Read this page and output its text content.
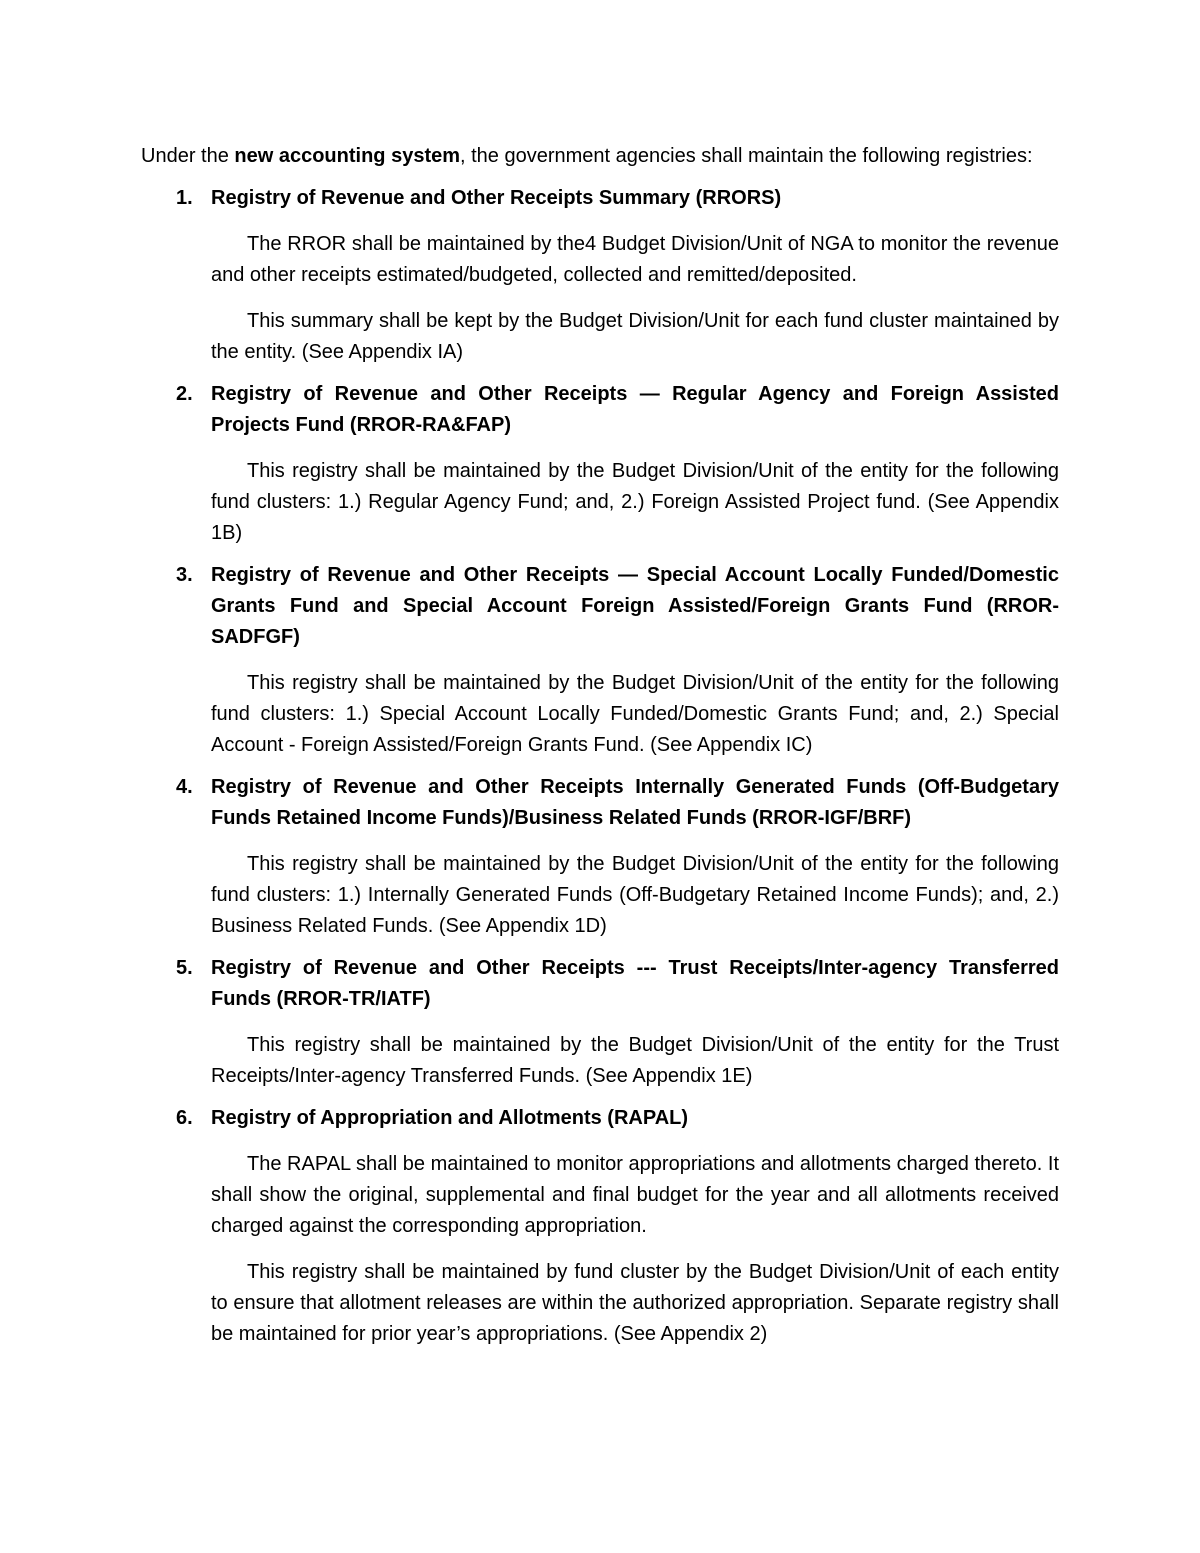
Under the new accounting system, the government agencies shall maintain the following registries:

1. Registry of Revenue and Other Receipts Summary (RRORS)

The RROR shall be maintained by the4 Budget Division/Unit of NGA to monitor the revenue and other receipts estimated/budgeted, collected and remitted/deposited.

This summary shall be kept by the Budget Division/Unit for each fund cluster maintained by the entity. (See Appendix IA)

2. Registry of Revenue and Other Receipts — Regular Agency and Foreign Assisted Projects Fund (RROR-RA&FAP)

This registry shall be maintained by the Budget Division/Unit of the entity for the following fund clusters: 1.) Regular Agency Fund; and, 2.) Foreign Assisted Project fund. (See Appendix 1B)

3. Registry of Revenue and Other Receipts — Special Account Locally Funded/Domestic Grants Fund and Special Account Foreign Assisted/Foreign Grants Fund (RROR-SADFGF)

This registry shall be maintained by the Budget Division/Unit of the entity for the following fund clusters: 1.) Special Account Locally Funded/Domestic Grants Fund; and, 2.) Special Account - Foreign Assisted/Foreign Grants Fund. (See Appendix IC)

4. Registry of Revenue and Other Receipts Internally Generated Funds (Off-Budgetary Funds Retained Income Funds)/Business Related Funds (RROR-IGF/BRF)

This registry shall be maintained by the Budget Division/Unit of the entity for the following fund clusters: 1.) Internally Generated Funds (Off-Budgetary Retained Income Funds); and, 2.) Business Related Funds. (See Appendix 1D)

5. Registry of Revenue and Other Receipts --- Trust Receipts/Inter-agency Transferred Funds (RROR-TR/IATF)

This registry shall be maintained by the Budget Division/Unit of the entity for the Trust Receipts/Inter-agency Transferred Funds. (See Appendix 1E)

6. Registry of Appropriation and Allotments (RAPAL)

The RAPAL shall be maintained to monitor appropriations and allotments charged thereto. It shall show the original, supplemental and final budget for the year and all allotments received charged against the corresponding appropriation.

This registry shall be maintained by fund cluster by the Budget Division/Unit of each entity to ensure that allotment releases are within the authorized appropriation. Separate registry shall be maintained for prior year’s appropriations. (See Appendix 2)
